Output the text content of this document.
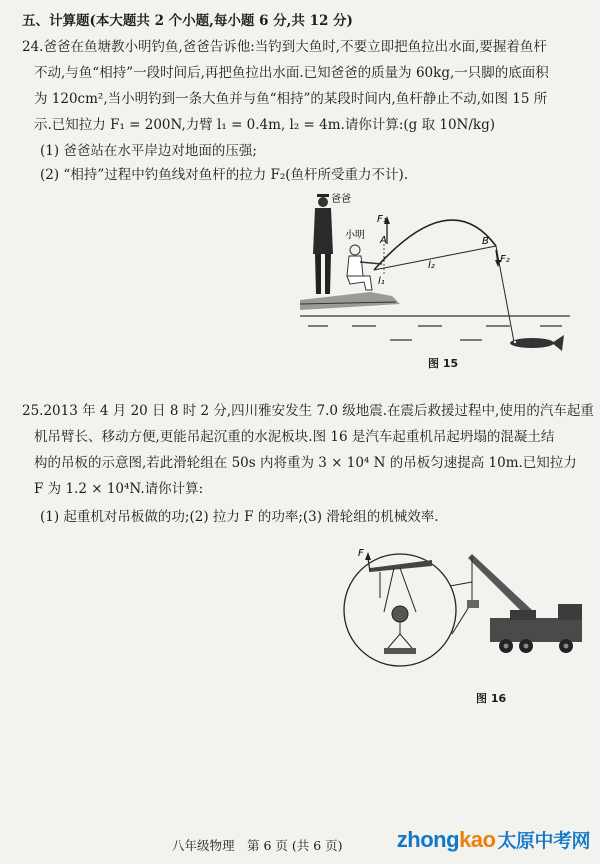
五、计算题(本大题共 2 个小题,每小题 6 分,共 12 分)
24.爸爸在鱼塘教小明钓鱼,爸爸告诉他:当钓到大鱼时,不要立即把鱼拉出水面,要握着鱼杆
不动,与鱼“相持”一段时间后,再把鱼拉出水面.已知爸爸的质量为 60kg,一只脚的底面积
为 120cm²,当小明钓到一条大鱼并与鱼“相持”的某段时间内,鱼杆静止不动,如图 15 所
示.已知拉力 F₁ = 200N,力臂 l₁ = 0.4m, l₂ = 4m.请你计算:(g 取 10N/kg)
(1) 爸爸站在水平岸边对地面的压强;
(2) “相持”过程中钓鱼线对鱼杆的拉力 F₂(鱼杆所受重力不计).
爸爸
小明
F₁
A
l₁
B
F₂
l₂
图 15
25.2013 年 4 月 20 日 8 时 2 分,四川雅安发生 7.0 级地震.在震后救援过程中,使用的汽车起重
机吊臂长、移动方便,更能吊起沉重的水泥板块.图 16 是汽车起重机吊起坍塌的混凝土结
构的吊板的示意图,若此滑轮组在 50s 内将重为 3 × 10⁴ N 的吊板匀速提高 10m.已知拉力
F 为 1.2 × 10⁴N.请你计算:
(1) 起重机对吊板做的功;(2) 拉力 F 的功率;(3) 滑轮组的机械效率.
F
图 16
八年级物理　第 6 页 (共 6 页) zhongkao 太原中考网
